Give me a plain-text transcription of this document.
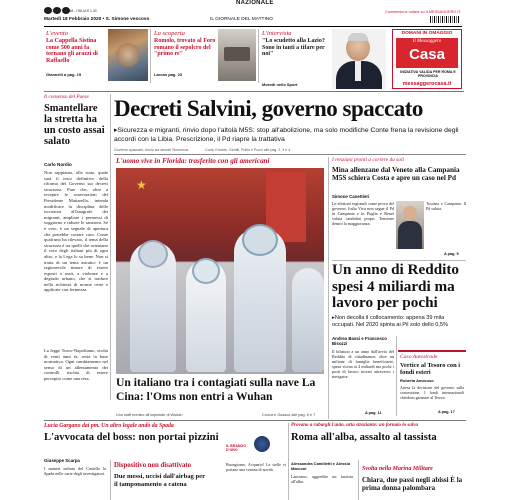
ANNO 142° - N° 48 - ITALIA € 1,40
NAZIONALE
Commenta le notizie su ILMESSAGGERO.IT
Martedì 18 Febbraio 2020 • S. Simone vescovo	IL GIORNALE DEL MATTINO
L'evento
La Cappella Sistina come 500 anni fa tornano gli arazzi di Raffaello
Giannelli a pag. 19
La scoperta
Romolo, trovato al Foro romano il sepolcro del "primo re"
Larcan pag. 23
L'intervista
"Lo scudetto alla Lazio? Sono in tanti a tifare per noi"
Moretti nello Sport
DOMANI IN OMAGGIO
Il Messaggero
Casa
INIZIATIVA VALIDA PER ROMA E PROVINCIA
messaggerocasa.it
Il consenso del Paese
Smantellare la stretta ha un costo assai salato
Carlo Nordio
Non sappiamo, allo stato, quale sarà il testo definitivo della riforma del Governo sui decreti sicurezza. Pare che, oltre a recepire le osservazioni del Presidente Mattarella, intenda modificare la disciplina delle iscrizioni all'anagrafe dei migranti, ampliare i permessi di soggiorno e ridurre le sanzioni. Se è vero, è un segnale di apertura che potrebbe costare caro. Come qualcuno ha rilevato, il tema della sicurezza è tra quelli che orientano il voto degli italiani più di ogni altro, e la Lega lo sa bene. Non si tratta di un tema astratto: è un ragionevole timore di essere esposti a reati, a violenze e a degrado urbano, che si traduce nella richiesta di norme certe e applicate con fermezza.
La legge Turco-Napolitano, svolta di venti anni fa, resta la base normativa. Ogni cambiamento nel senso di un allentamento dei controlli rischia di essere percepito come una resa.
Decreti Salvini, governo spaccato
▸Sicurezza e migranti, rinvio dopo l'altolà M5S: stop all'abolizione, ma solo modifiche Conte frena la revisione degli accordi con la Libia. Prescrizione, il Pd riapre la trattativa
Governo spaccato, rinvio sui decreti Sicurezza.	Conti, Ermete, Gentili, Pollio e Pucci alle pag. 2, 3 e 4
L'uomo vive in Florida: trasferito con gli americani
★
Un italiano tra i contagiati sulla nave La Cina: l'Oms non entri a Wuhan
Uno staff medico all'ospedale di Wuhan	Conca e Guasco alle pag. 6 e 7
I renziani pronti a correre da soli
Mina allenzane dal Veneto alla Campania M5S schiera Costa e apre un caso nel Pd
Simone Canettieri
Le elezioni regionali come prova del governo. Italia Viva non segue il Pd in Campania e in Puglia e Renzi valuta candidati propri. Tensione dentro la maggioranza.
Toscana e Campania. Il Pd valuta.
A pag. 5
Un anno di Reddito spesi 4 miliardi ma lavoro per pochi
▸Non decolla il collocamento: appena 39 mila occupati. Nel 2020 spinta ai Pil solo dello 0,5%
Andrea Bassi e Francesco Bisozzi
Il bilancio a un anno dall'avvio del Reddito di cittadinanza: oltre un milione di famiglie beneficiarie, spesa vicina ai 4 miliardi ma pochi i posti di lavoro trovati attraverso i navigator.
A pag. 11
Caso Autostrade
Vertice al Tesoro con i fondi esteri
Roberta Amoruso
Attesa la decisione del governo sulla concessione. I fondi internazionali chiedono garanzie al Tesoro.
A pag. 17
Lucia Gargano dai pm. Un altro legale andò da Spada
L'avvocata del boss: non portai pizzini
Giuseppe Scarpa
I numeri italiani del Castello la Spada nelle carte degli investigatori.
Dispositivo non disattivato
Due messi, uccisi dall'airbag per il tamponamento a catena
IL BRANDO D'ORO
Buongiorno, Acquario! Le stelle vi portano una ventata di novità.
Provano a rubargli l'auto, urla straziante: un fornaio lo salva
Roma all'alba, assalto al tassista
Alessandra Camilletti e Alessio Marconi
Lanciano, aggredito un tassista all'alba.
Svolta nella Marina Militare
Chiara, due passi negli abissi È la prima donna palombara
